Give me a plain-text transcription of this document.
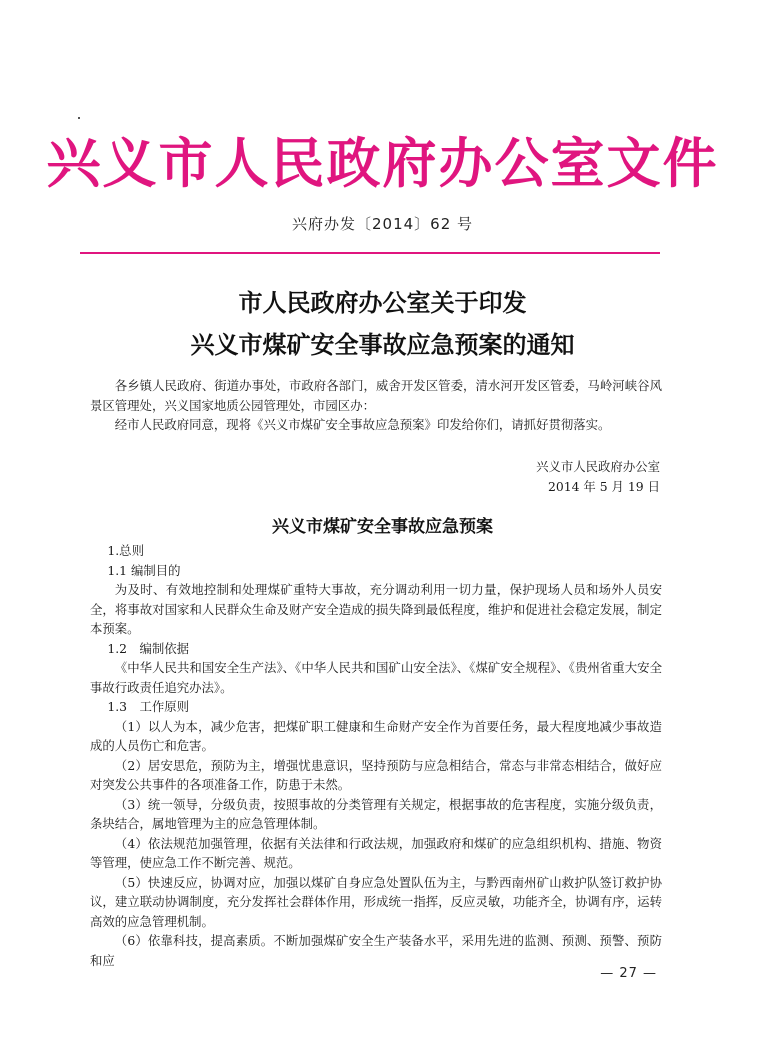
兴义市人民政府办公室文件
兴府办发〔2014〕62 号
市人民政府办公室关于印发
兴义市煤矿安全事故应急预案的通知

各乡镇人民政府、街道办事处，市政府各部门，威舍开发区管委，清水河开发区管委，马岭河峡谷风景区管理处，兴义国家地质公园管理处，市园区办：

经市人民政府同意，现将《兴义市煤矿安全事故应急预案》印发给你们，请抓好贯彻落实。

兴义市人民政府办公室
2014 年 5 月 19 日
兴义市煤矿安全事故应急预案

1.总则

1.1 编制目的

为及时、有效地控制和处理煤矿重特大事故，充分调动利用一切力量，保护现场人员和场外人员安全，将事故对国家和人民群众生命及财产安全造成的损失降到最低程度，维护和促进社会稳定发展，制定本预案。

1.2　编制依据

《中华人民共和国安全生产法》、《中华人民共和国矿山安全法》、《煤矿安全规程》、《贵州省重大安全事故行政责任追究办法》。

1.3　工作原则

（1）以人为本，减少危害，把煤矿职工健康和生命财产安全作为首要任务，最大程度地减少事故造成的人员伤亡和危害。

（2）居安思危，预防为主，增强忧患意识，坚持预防与应急相结合，常态与非常态相结合，做好应对突发公共事件的各项准备工作，防患于未然。

（3）统一领导，分级负责，按照事故的分类管理有关规定，根据事故的危害程度，实施分级负责，条块结合，属地管理为主的应急管理体制。

（4）依法规范加强管理，依据有关法律和行政法规，加强政府和煤矿的应急组织机构、措施、物资等管理，使应急工作不断完善、规范。

（5）快速反应，协调对应，加强以煤矿自身应急处置队伍为主，与黔西南州矿山救护队签订救护协议，建立联动协调制度，充分发挥社会群体作用，形成统一指挥，反应灵敏，功能齐全，协调有序，运转高效的应急管理机制。

（6）依靠科技，提高素质。不断加强煤矿安全生产装备水平，采用先进的监测、预测、预警、预防和应

— 27 —
